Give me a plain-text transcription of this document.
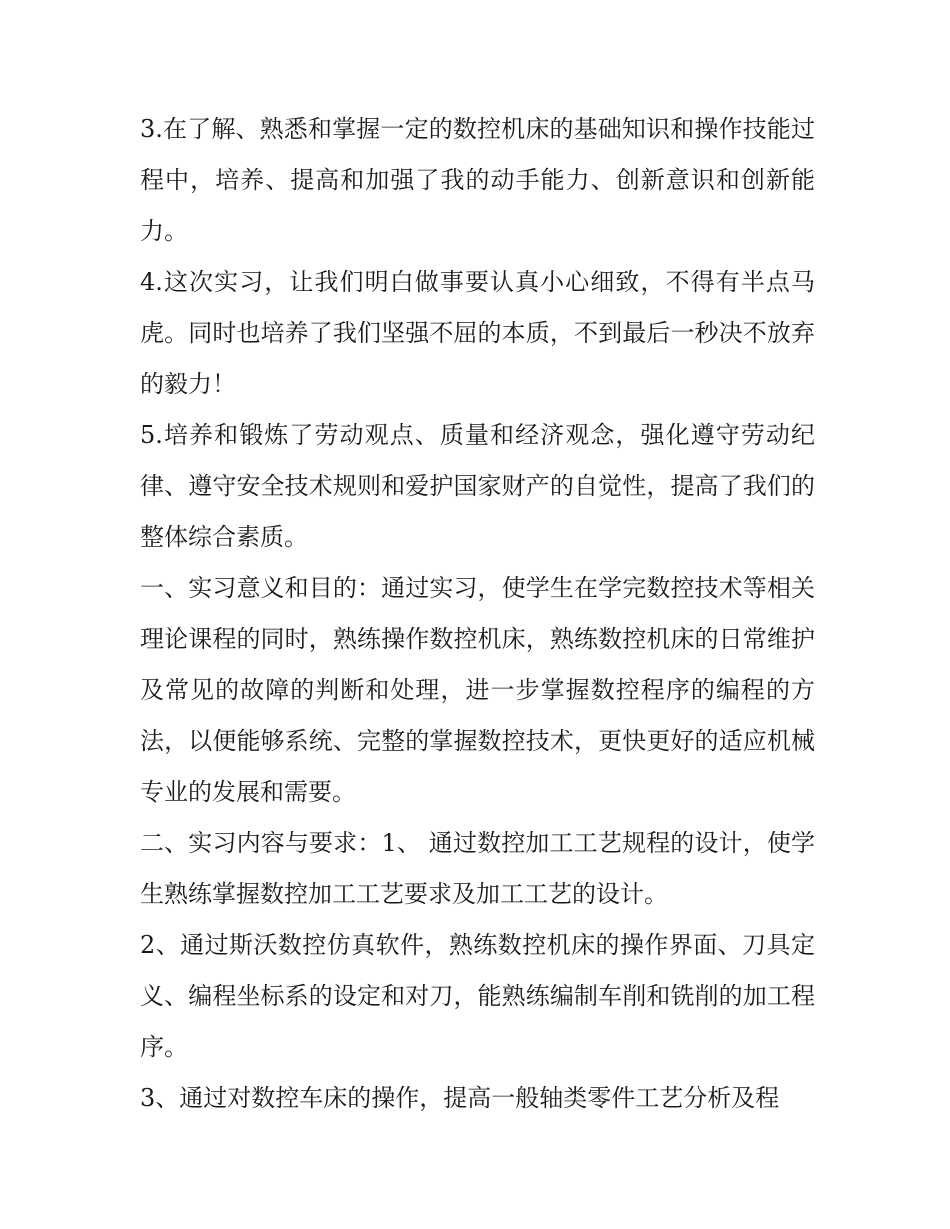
3.在了解、熟悉和掌握一定的数控机床的基础知识和操作技能过程中，培养、提高和加强了我的动手能力、创新意识和创新能力。

4.这次实习，让我们明白做事要认真小心细致，不得有半点马虎。同时也培养了我们坚强不屈的本质，不到最后一秒决不放弃的毅力！

5.培养和锻炼了劳动观点、质量和经济观念，强化遵守劳动纪律、遵守安全技术规则和爱护国家财产的自觉性，提高了我们的整体综合素质。

一、实习意义和目的：通过实习，使学生在学完数控技术等相关理论课程的同时，熟练操作数控机床，熟练数控机床的日常维护及常见的故障的判断和处理，进一步掌握数控程序的编程的方法，以便能够系统、完整的掌握数控技术，更快更好的适应机械专业的发展和需要。

二、实习内容与要求：1、 通过数控加工工艺规程的设计，使学生熟练掌握数控加工工艺要求及加工工艺的设计。

2、通过斯沃数控仿真软件，熟练数控机床的操作界面、刀具定义、编程坐标系的设定和对刀，能熟练编制车削和铣削的加工程序。

3、通过对数控车床的操作，提高一般轴类零件工艺分析及程
